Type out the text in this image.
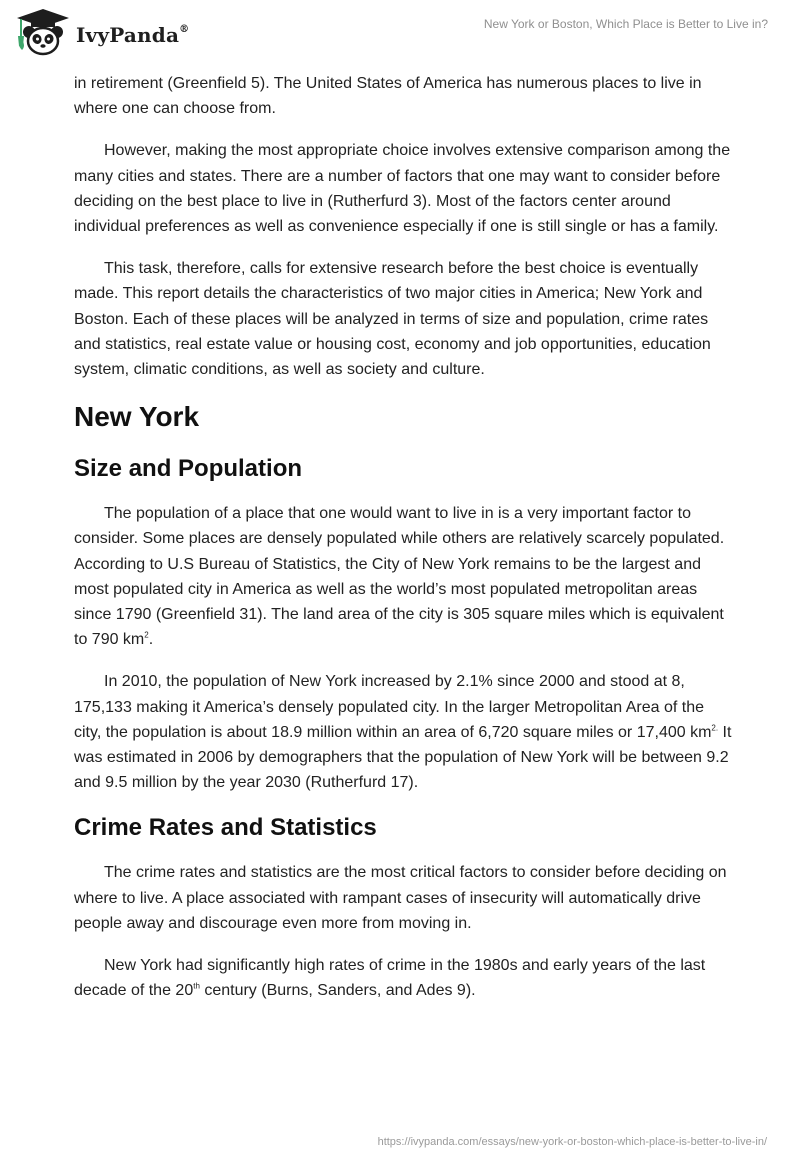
IvyPanda®	New York or Boston, Which Place is Better to Live in?

in retirement (Greenfield 5). The United States of America has numerous places to live in where one can choose from.

However, making the most appropriate choice involves extensive comparison among the many cities and states. There are a number of factors that one may want to consider before deciding on the best place to live in (Rutherfurd 3). Most of the factors center around individual preferences as well as convenience especially if one is still single or has a family.

This task, therefore, calls for extensive research before the best choice is eventually made. This report details the characteristics of two major cities in America; New York and Boston. Each of these places will be analyzed in terms of size and population, crime rates and statistics, real estate value or housing cost, economy and job opportunities, education system, climatic conditions, as well as society and culture.

New York
Size and Population

The population of a place that one would want to live in is a very important factor to consider. Some places are densely populated while others are relatively scarcely populated. According to U.S Bureau of Statistics, the City of New York remains to be the largest and most populated city in America as well as the world’s most populated metropolitan areas since 1790 (Greenfield 31). The land area of the city is 305 square miles which is equivalent to 790 $km^2$.

In 2010, the population of New York increased by 2.1% since 2000 and stood at 8, 175,133 making it America’s densely populated city. In the larger Metropolitan Area of the city, the population is about 18.9 million within an area of 6,720 square miles or 17,400 $km^{2.}$ It was estimated in 2006 by demographers that the population of New York will be between 9.2 and 9.5 million by the year 2030 (Rutherfurd 17).

Crime Rates and Statistics

The crime rates and statistics are the most critical factors to consider before deciding on where to live. A place associated with rampant cases of insecurity will automatically drive people away and discourage even more from moving in.

New York had significantly high rates of crime in the 1980s and early years of the last decade of the 20th century (Burns, Sanders, and Ades 9).

https://ivypanda.com/essays/new-york-or-boston-which-place-is-better-to-live-in/
